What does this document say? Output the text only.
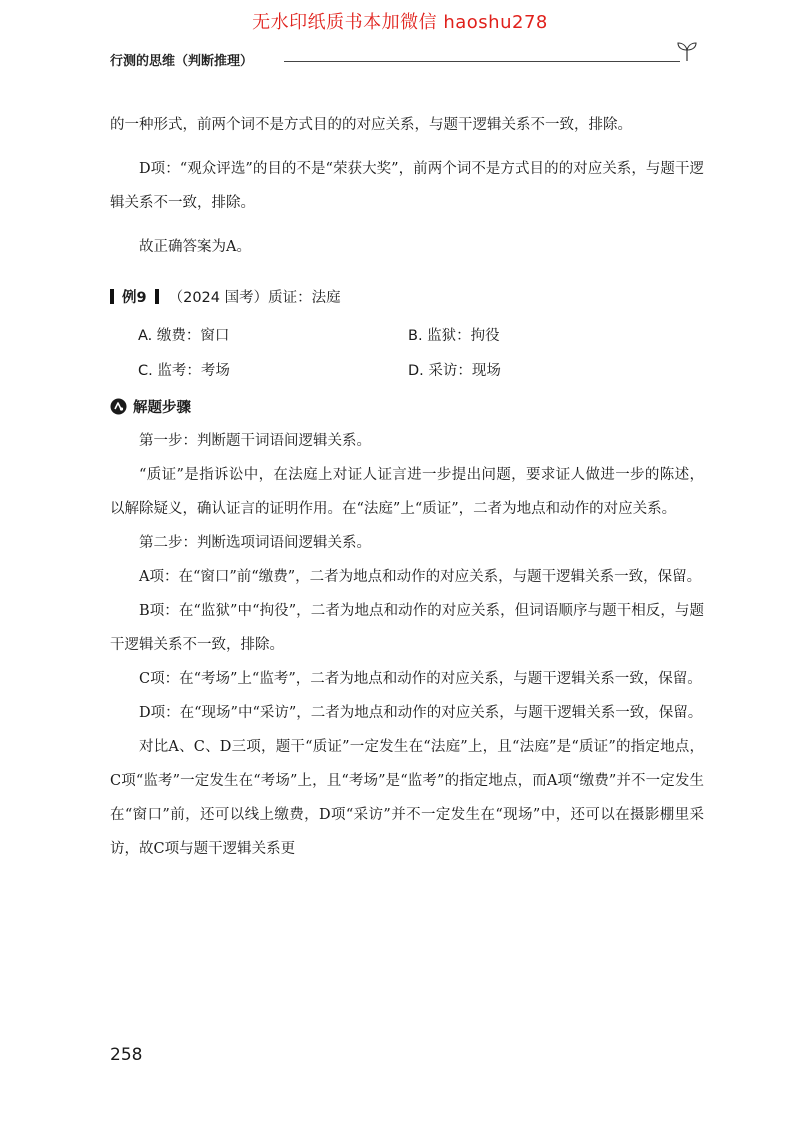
无水印纸质书本加微信 haoshu278
行测的思维（判断推理）

的一种形式，前两个词不是方式目的的对应关系，与题干逻辑关系不一致，排除。

D项：“观众评选”的目的不是“荣获大奖”，前两个词不是方式目的的对应关系，与题干逻辑关系不一致，排除。

故正确答案为A。

例9 （2024 国考） 质证：法庭
A. 缴费：窗口	B. 监狱：拘役
C. 监考：考场	D. 采访：现场
解题步骤

第一步：判断题干词语间逻辑关系。

“质证”是指诉讼中，在法庭上对证人证言进一步提出问题，要求证人做进一步的陈述，以解除疑义，确认证言的证明作用。在“法庭”上“质证”，二者为地点和动作的对应关系。

第二步：判断选项词语间逻辑关系。

A项：在“窗口”前“缴费”，二者为地点和动作的对应关系，与题干逻辑关系一致，保留。

B项：在“监狱”中“拘役”，二者为地点和动作的对应关系，但词语顺序与题干相反，与题干逻辑关系不一致，排除。

C项：在“考场”上“监考”，二者为地点和动作的对应关系，与题干逻辑关系一致，保留。

D项：在“现场”中“采访”，二者为地点和动作的对应关系，与题干逻辑关系一致，保留。

对比A、C、D三项，题干“质证”一定发生在“法庭”上，且“法庭”是“质证”的指定地点，C项“监考”一定发生在“考场”上，且“考场”是“监考”的指定地点，而A项“缴费”并不一定发生在“窗口”前，还可以线上缴费，D项“采访”并不一定发生在“现场”中，还可以在摄影棚里采访，故C项与题干逻辑关系更

258
